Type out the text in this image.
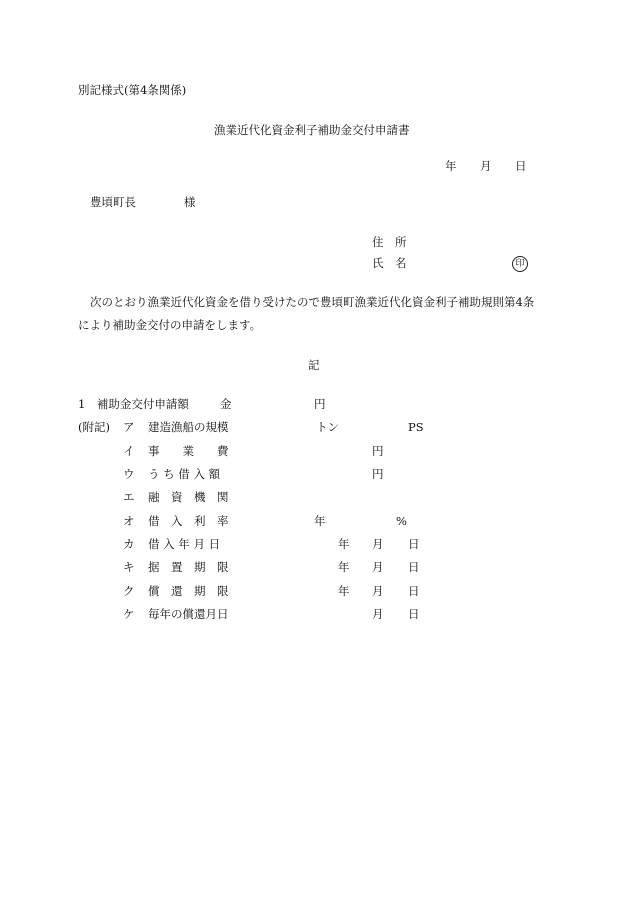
別記様式(第4条関係)
漁業近代化資金利子補助金交付申請書
年 月 日
豊頃町長	様
住　所
氏　名	印
次のとおり漁業近代化資金を借り受けたので豊頃町漁業近代化資金利子補助規則第4条
により補助金交付の申請をします。
記
1　補助金交付申請額	金	円
(附記) ア 建造漁船の規模	トン	PS
イ 事　　業　　費	円
ウ う ち 借 入 額	円
エ 融　資　機　関
オ 借　入　利　率	年	%
カ 借 入 年 月 日	年 月 日
キ 据　置　期　限	年 月 日
ク 償　還　期　限	年 月 日
ケ 毎年の償還月日	月 日
